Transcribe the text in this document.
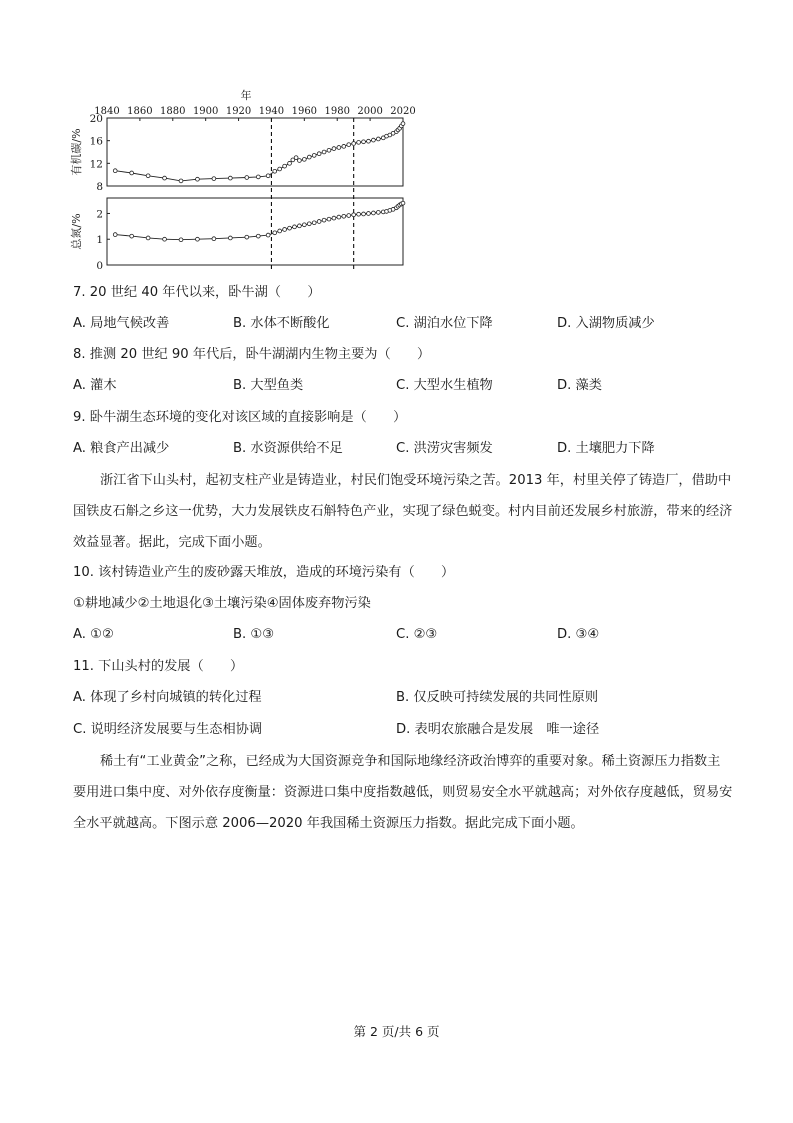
年
1840 1860 1880 1900 1920 1940 1960 1980 2000 2020
8
12
16
20
0
1
2
有机碳/%
总氮/%
7. 20 世纪 40 年代以来，卧牛湖（　　）
A. 局地气候改善	B. 水体不断酸化	C. 湖泊水位下降	D. 入湖物质减少
8. 推测 20 世纪 90 年代后，卧牛湖湖内生物主要为（　　）
A. 灌木	B. 大型鱼类	C. 大型水生植物	D. 藻类
9. 卧牛湖生态环境的变化对该区域的直接影响是（　　）
A. 粮食产出减少	B. 水资源供给不足	C. 洪涝灾害频发	D. 土壤肥力下降
浙江省下山头村，起初支柱产业是铸造业，村民们饱受环境污染之苦。2013 年，村里关停了铸造厂，借助中国铁皮石斛之乡这一优势，大力发展铁皮石斛特色产业，实现了绿色蜕变。村内目前还发展乡村旅游，带来的经济效益显著。据此，完成下面小题。
10. 该村铸造业产生的废砂露天堆放，造成的环境污染有（　　）
①耕地减少②土地退化③土壤污染④固体废弃物污染
A. ①②	B. ①③	C. ②③	D. ③④
11. 下山头村的发展（　　）
A. 体现了乡村向城镇的转化过程	B. 仅反映可持续发展的共同性原则
C. 说明经济发展要与生态相协调	D. 表明农旅融合是发展　唯一途径
稀土有“工业黄金”之称，已经成为大国资源竞争和国际地缘经济政治博弈的重要对象。稀土资源压力指数主要用进口集中度、对外依存度衡量：资源进口集中度指数越低，则贸易安全水平就越高；对外依存度越低，贸易安全水平就越高。下图示意 2006—2020 年我国稀土资源压力指数。据此完成下面小题。
第 2 页/共 6 页
